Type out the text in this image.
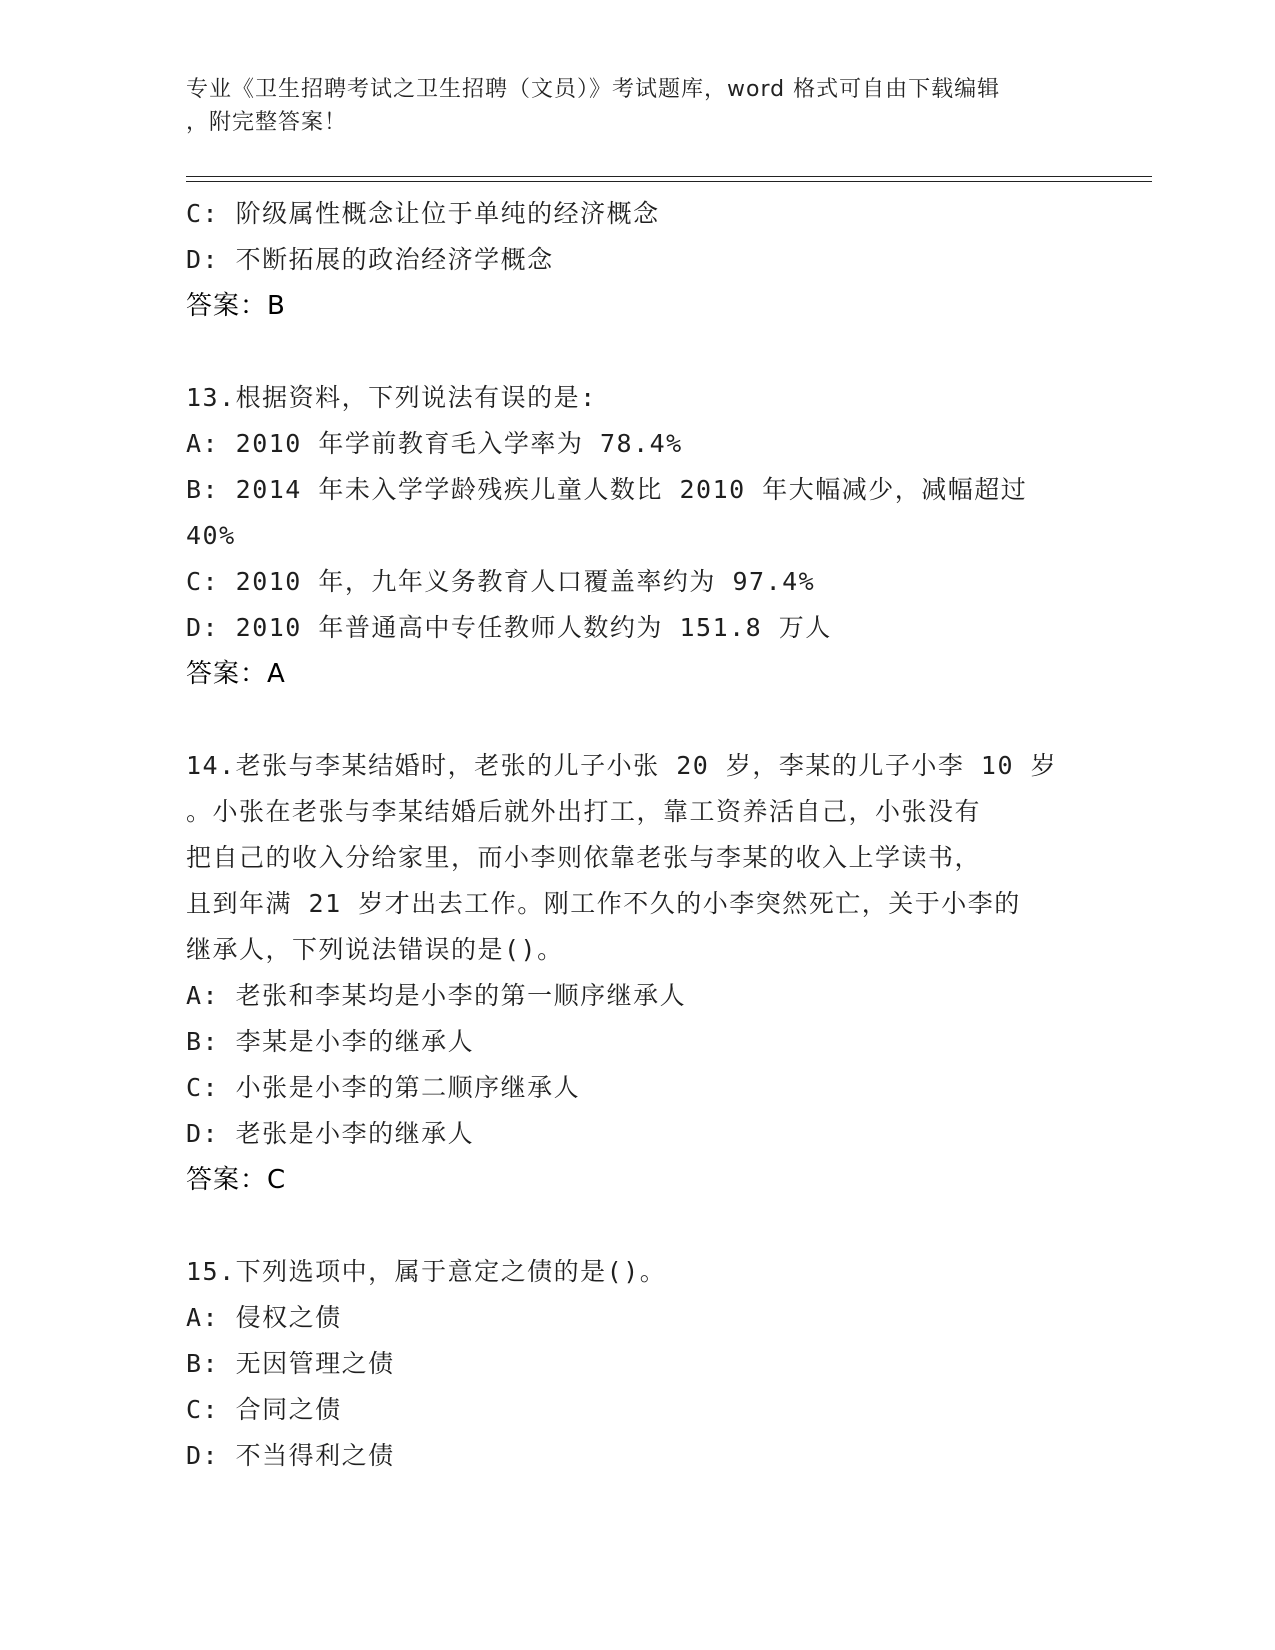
专业《卫生招聘考试之卫生招聘（文员）》考试题库，word 格式可自由下载编辑
，附完整答案！
C: 阶级属性概念让位于单纯的经济概念
D: 不断拓展的政治经济学概念
答案：B
13.根据资料，下列说法有误的是:
A: 2010 年学前教育毛入学率为 78.4%
B: 2014 年未入学学龄残疾儿童人数比 2010 年大幅减少，减幅超过
40%
C: 2010 年，九年义务教育人口覆盖率约为 97.4%
D: 2010 年普通高中专任教师人数约为 151.8 万人
答案：A
14.老张与李某结婚时，老张的儿子小张 20 岁，李某的儿子小李 10 岁
。小张在老张与李某结婚后就外出打工，靠工资养活自己，小张没有
把自己的收入分给家里，而小李则依靠老张与李某的收入上学读书，
且到年满 21 岁才出去工作。刚工作不久的小李突然死亡，关于小李的
继承人，下列说法错误的是()。
A: 老张和李某均是小李的第一顺序继承人
B: 李某是小李的继承人
C: 小张是小李的第二顺序继承人
D: 老张是小李的继承人
答案：C
15.下列选项中，属于意定之债的是()。
A: 侵权之债
B: 无因管理之债
C: 合同之债
D: 不当得利之债
